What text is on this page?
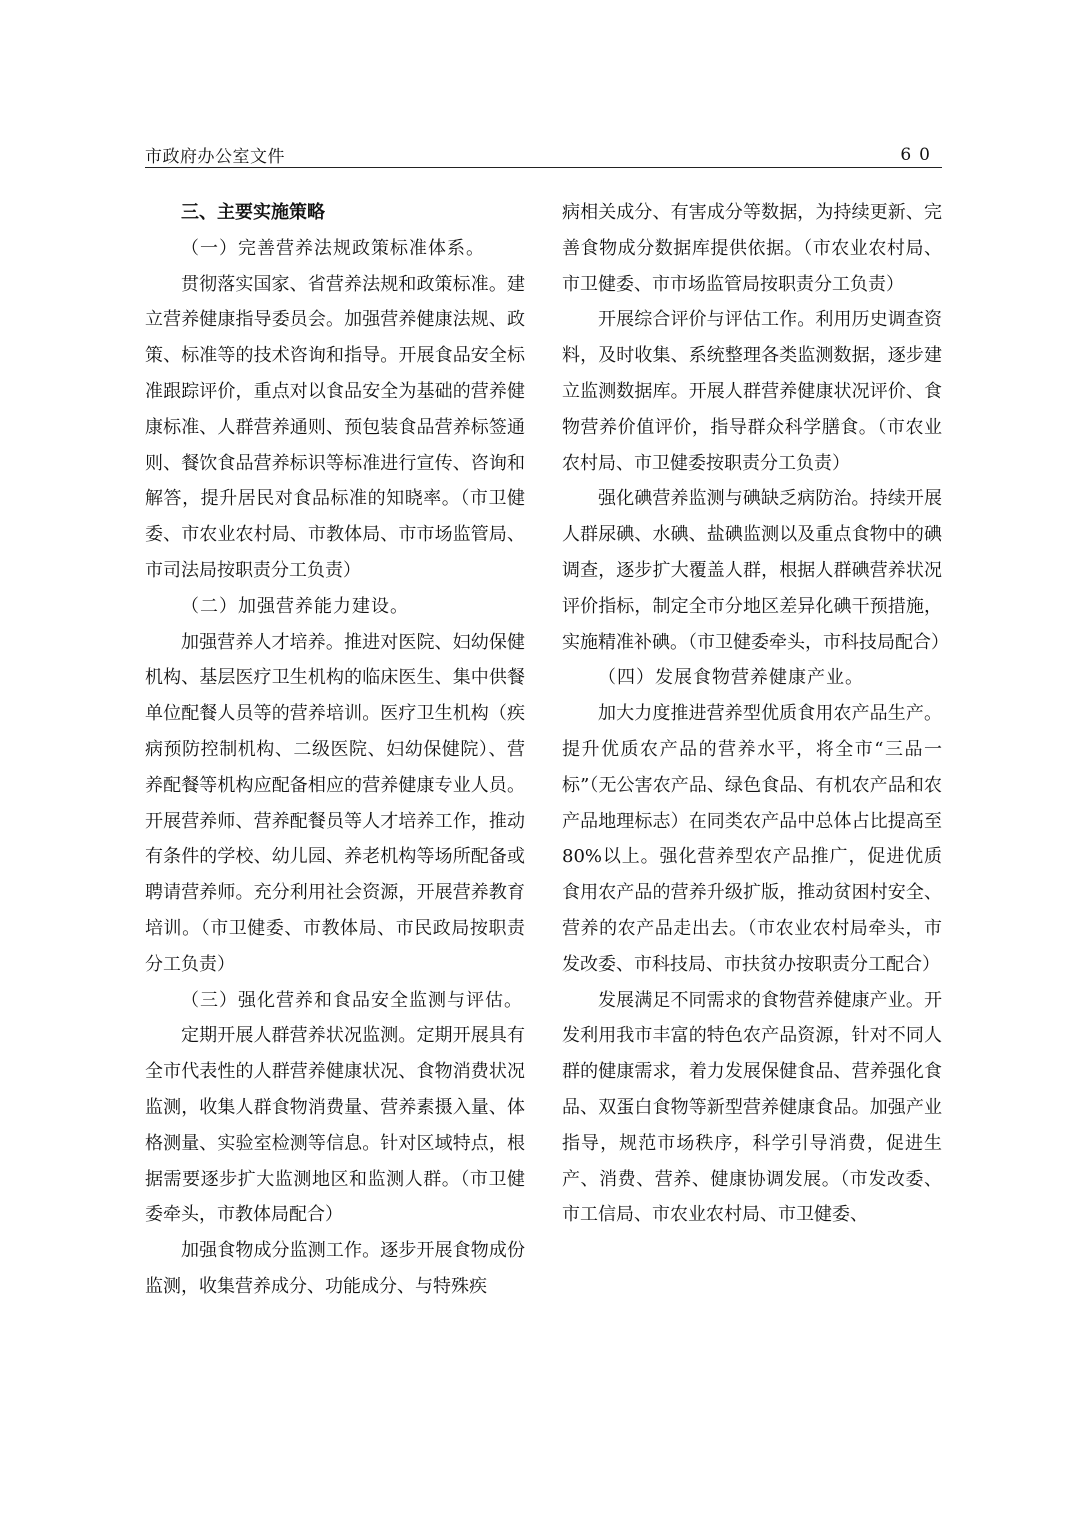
市政府办公室文件	60

三、主要实施策略

（一）完善营养法规政策标准体系。

贯彻落实国家、省营养法规和政策标准。建立营养健康指导委员会。加强营养健康法规、政策、标准等的技术咨询和指导。开展食品安全标准跟踪评价，重点对以食品安全为基础的营养健康标准、人群营养通则、预包装食品营养标签通则、餐饮食品营养标识等标准进行宣传、咨询和解答，提升居民对食品标准的知晓率。（市卫健委、市农业农村局、市教体局、市市场监管局、市司法局按职责分工负责）

（二）加强营养能力建设。

加强营养人才培养。推进对医院、妇幼保健机构、基层医疗卫生机构的临床医生、集中供餐单位配餐人员等的营养培训。医疗卫生机构（疾病预防控制机构、二级医院、妇幼保健院）、营养配餐等机构应配备相应的营养健康专业人员。开展营养师、营养配餐员等人才培养工作，推动有条件的学校、幼儿园、养老机构等场所配备或聘请营养师。充分利用社会资源，开展营养教育培训。（市卫健委、市教体局、市民政局按职责分工负责）

（三）强化营养和食品安全监测与评估。

定期开展人群营养状况监测。定期开展具有全市代表性的人群营养健康状况、食物消费状况监测，收集人群食物消费量、营养素摄入量、体格测量、实验室检测等信息。针对区域特点，根据需要逐步扩大监测地区和监测人群。（市卫健委牵头，市教体局配合）

加强食物成分监测工作。逐步开展食物成份监测，收集营养成分、功能成分、与特殊疾

病相关成分、有害成分等数据，为持续更新、完善食物成分数据库提供依据。（市农业农村局、市卫健委、市市场监管局按职责分工负责）

开展综合评价与评估工作。利用历史调查资料，及时收集、系统整理各类监测数据，逐步建立监测数据库。开展人群营养健康状况评价、食物营养价值评价，指导群众科学膳食。（市农业农村局、市卫健委按职责分工负责）

强化碘营养监测与碘缺乏病防治。持续开展人群尿碘、水碘、盐碘监测以及重点食物中的碘调查，逐步扩大覆盖人群，根据人群碘营养状况评价指标，制定全市分地区差异化碘干预措施，实施精准补碘。（市卫健委牵头，市科技局配合）

（四）发展食物营养健康产业。

加大力度推进营养型优质食用农产品生产。提升优质农产品的营养水平，将全市“三品一标”（无公害农产品、绿色食品、有机农产品和农产品地理标志）在同类农产品中总体占比提高至80%以上。强化营养型农产品推广，促进优质食用农产品的营养升级扩版，推动贫困村安全、营养的农产品走出去。（市农业农村局牵头，市发改委、市科技局、市扶贫办按职责分工配合）

发展满足不同需求的食物营养健康产业。开发利用我市丰富的特色农产品资源，针对不同人群的健康需求，着力发展保健食品、营养强化食品、双蛋白食物等新型营养健康食品。加强产业指导，规范市场秩序，科学引导消费，促进生产、消费、营养、健康协调发展。（市发改委、市工信局、市农业农村局、市卫健委、
